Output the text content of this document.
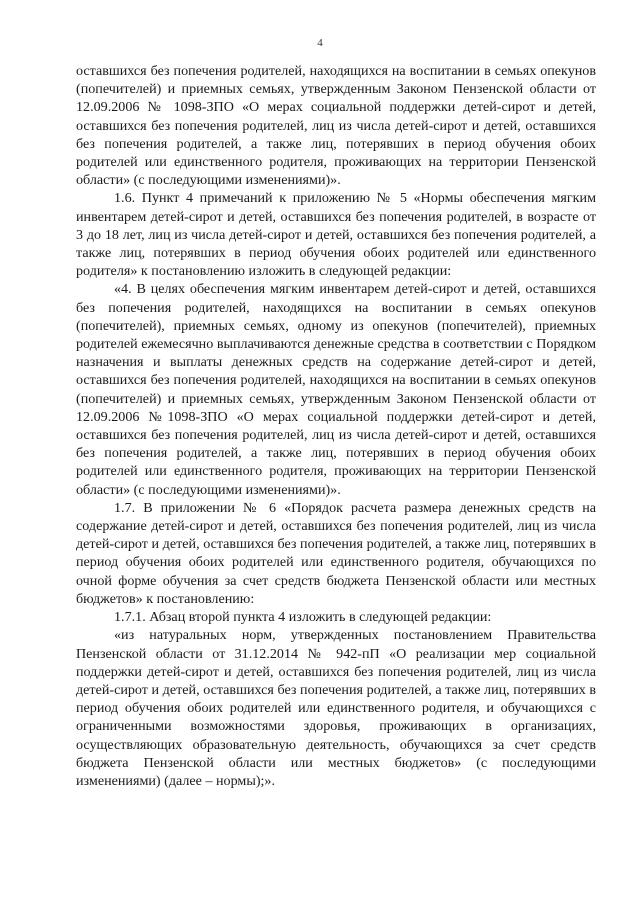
4

оставшихся без попечения родителей, находящихся на воспитании в семьях опекунов (попечителей) и приемных семьях, утвержденным Законом Пензенской области от 12.09.2006 № 1098-ЗПО «О мерах социальной поддержки детей-сирот и детей, оставшихся без попечения родителей, лиц из числа детей-сирот и детей, оставшихся без попечения родителей, а также лиц, потерявших в период обучения обоих родителей или единственного родителя, проживающих на территории Пензенской области» (с последующими изменениями)».

1.6. Пункт 4 примечаний к приложению № 5 «Нормы обеспечения мягким инвентарем детей-сирот и детей, оставшихся без попечения родителей, в возрасте от 3 до 18 лет, лиц из числа детей-сирот и детей, оставшихся без попечения родителей, а также лиц, потерявших в период обучения обоих родителей или единственного родителя» к постановлению изложить в следующей редакции:

«4. В целях обеспечения мягким инвентарем детей-сирот и детей, оставшихся без попечения родителей, находящихся на воспитании в семьях опекунов (попечителей), приемных семьях, одному из опекунов (попечителей), приемных родителей ежемесячно выплачиваются денежные средства в соответствии с Порядком назначения и выплаты денежных средств на содержание детей-сирот и детей, оставшихся без попечения родителей, находящихся на воспитании в семьях опекунов (попечителей) и приемных семьях, утвержденным Законом Пензенской области от 12.09.2006 №1098-ЗПО «О мерах социальной поддержки детей-сирот и детей, оставшихся без попечения родителей, лиц из числа детей-сирот и детей, оставшихся без попечения родителей, а также лиц, потерявших в период обучения обоих родителей или единственного родителя, проживающих на территории Пензенской области» (с последующими изменениями)».

1.7. В приложении № 6 «Порядок расчета размера денежных средств на содержание детей-сирот и детей, оставшихся без попечения родителей, лиц из числа детей-сирот и детей, оставшихся без попечения родителей, а также лиц, потерявших в период обучения обоих родителей или единственного родителя, обучающихся по очной форме обучения за счет средств бюджета Пензенской области или местных бюджетов» к постановлению:

1.7.1. Абзац второй пункта 4 изложить в следующей редакции:

«из натуральных норм, утвержденных постановлением Правительства Пензенской области от 31.12.2014 № 942-пП «О реализации мер социальной поддержки детей-сирот и детей, оставшихся без попечения родителей, лиц из числа детей-сирот и детей, оставшихся без попечения родителей, а также лиц, потерявших в период обучения обоих родителей или единственного родителя, и обучающихся с ограниченными возможностями здоровья, проживающих в организациях, осуществляющих образовательную деятельность, обучающихся за счет средств бюджета Пензенской области или местных бюджетов» (с последующими изменениями) (далее – нормы);».
